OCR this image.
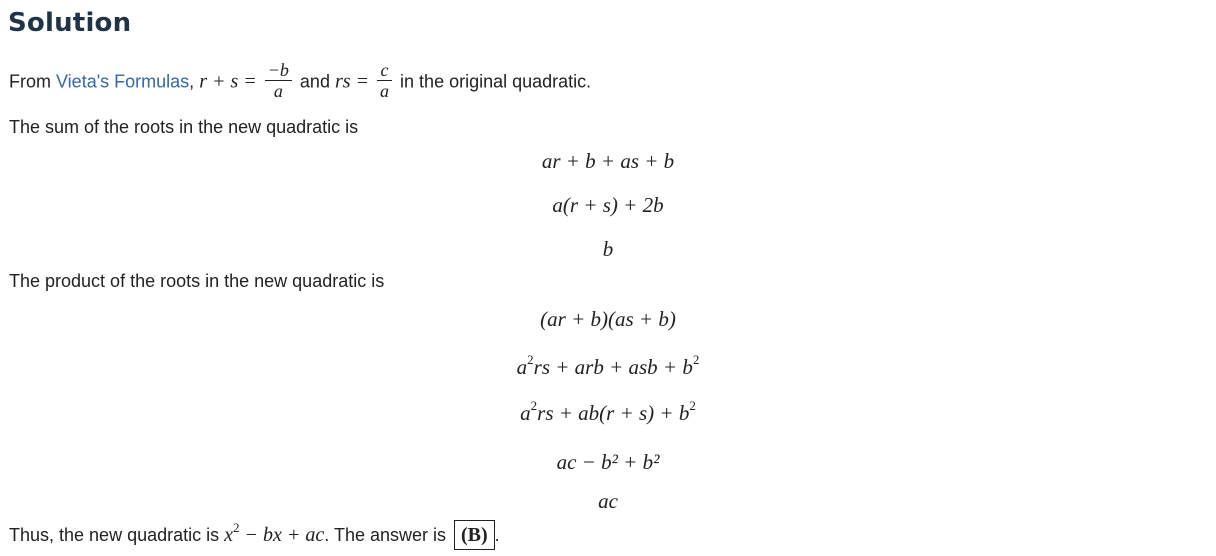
Solution
From Vieta's Formulas, $r + s = \frac{-b}{a}$ and rs = $\frac{c}{a}$ in the original quadratic.
The sum of the roots in the new quadratic is
ar + b + as + b
a(r + s) + 2b
b
The product of the roots in the new quadratic is
(ar + b)(as + b)
$a^2rs$ + arb + asb + $b^2$
$a^2rs + ab(r + s) + b^2$
ac − b² + b²
ac
Thus, the new quadratic is $x^2$ − bx + ac. The answer is (B) .
